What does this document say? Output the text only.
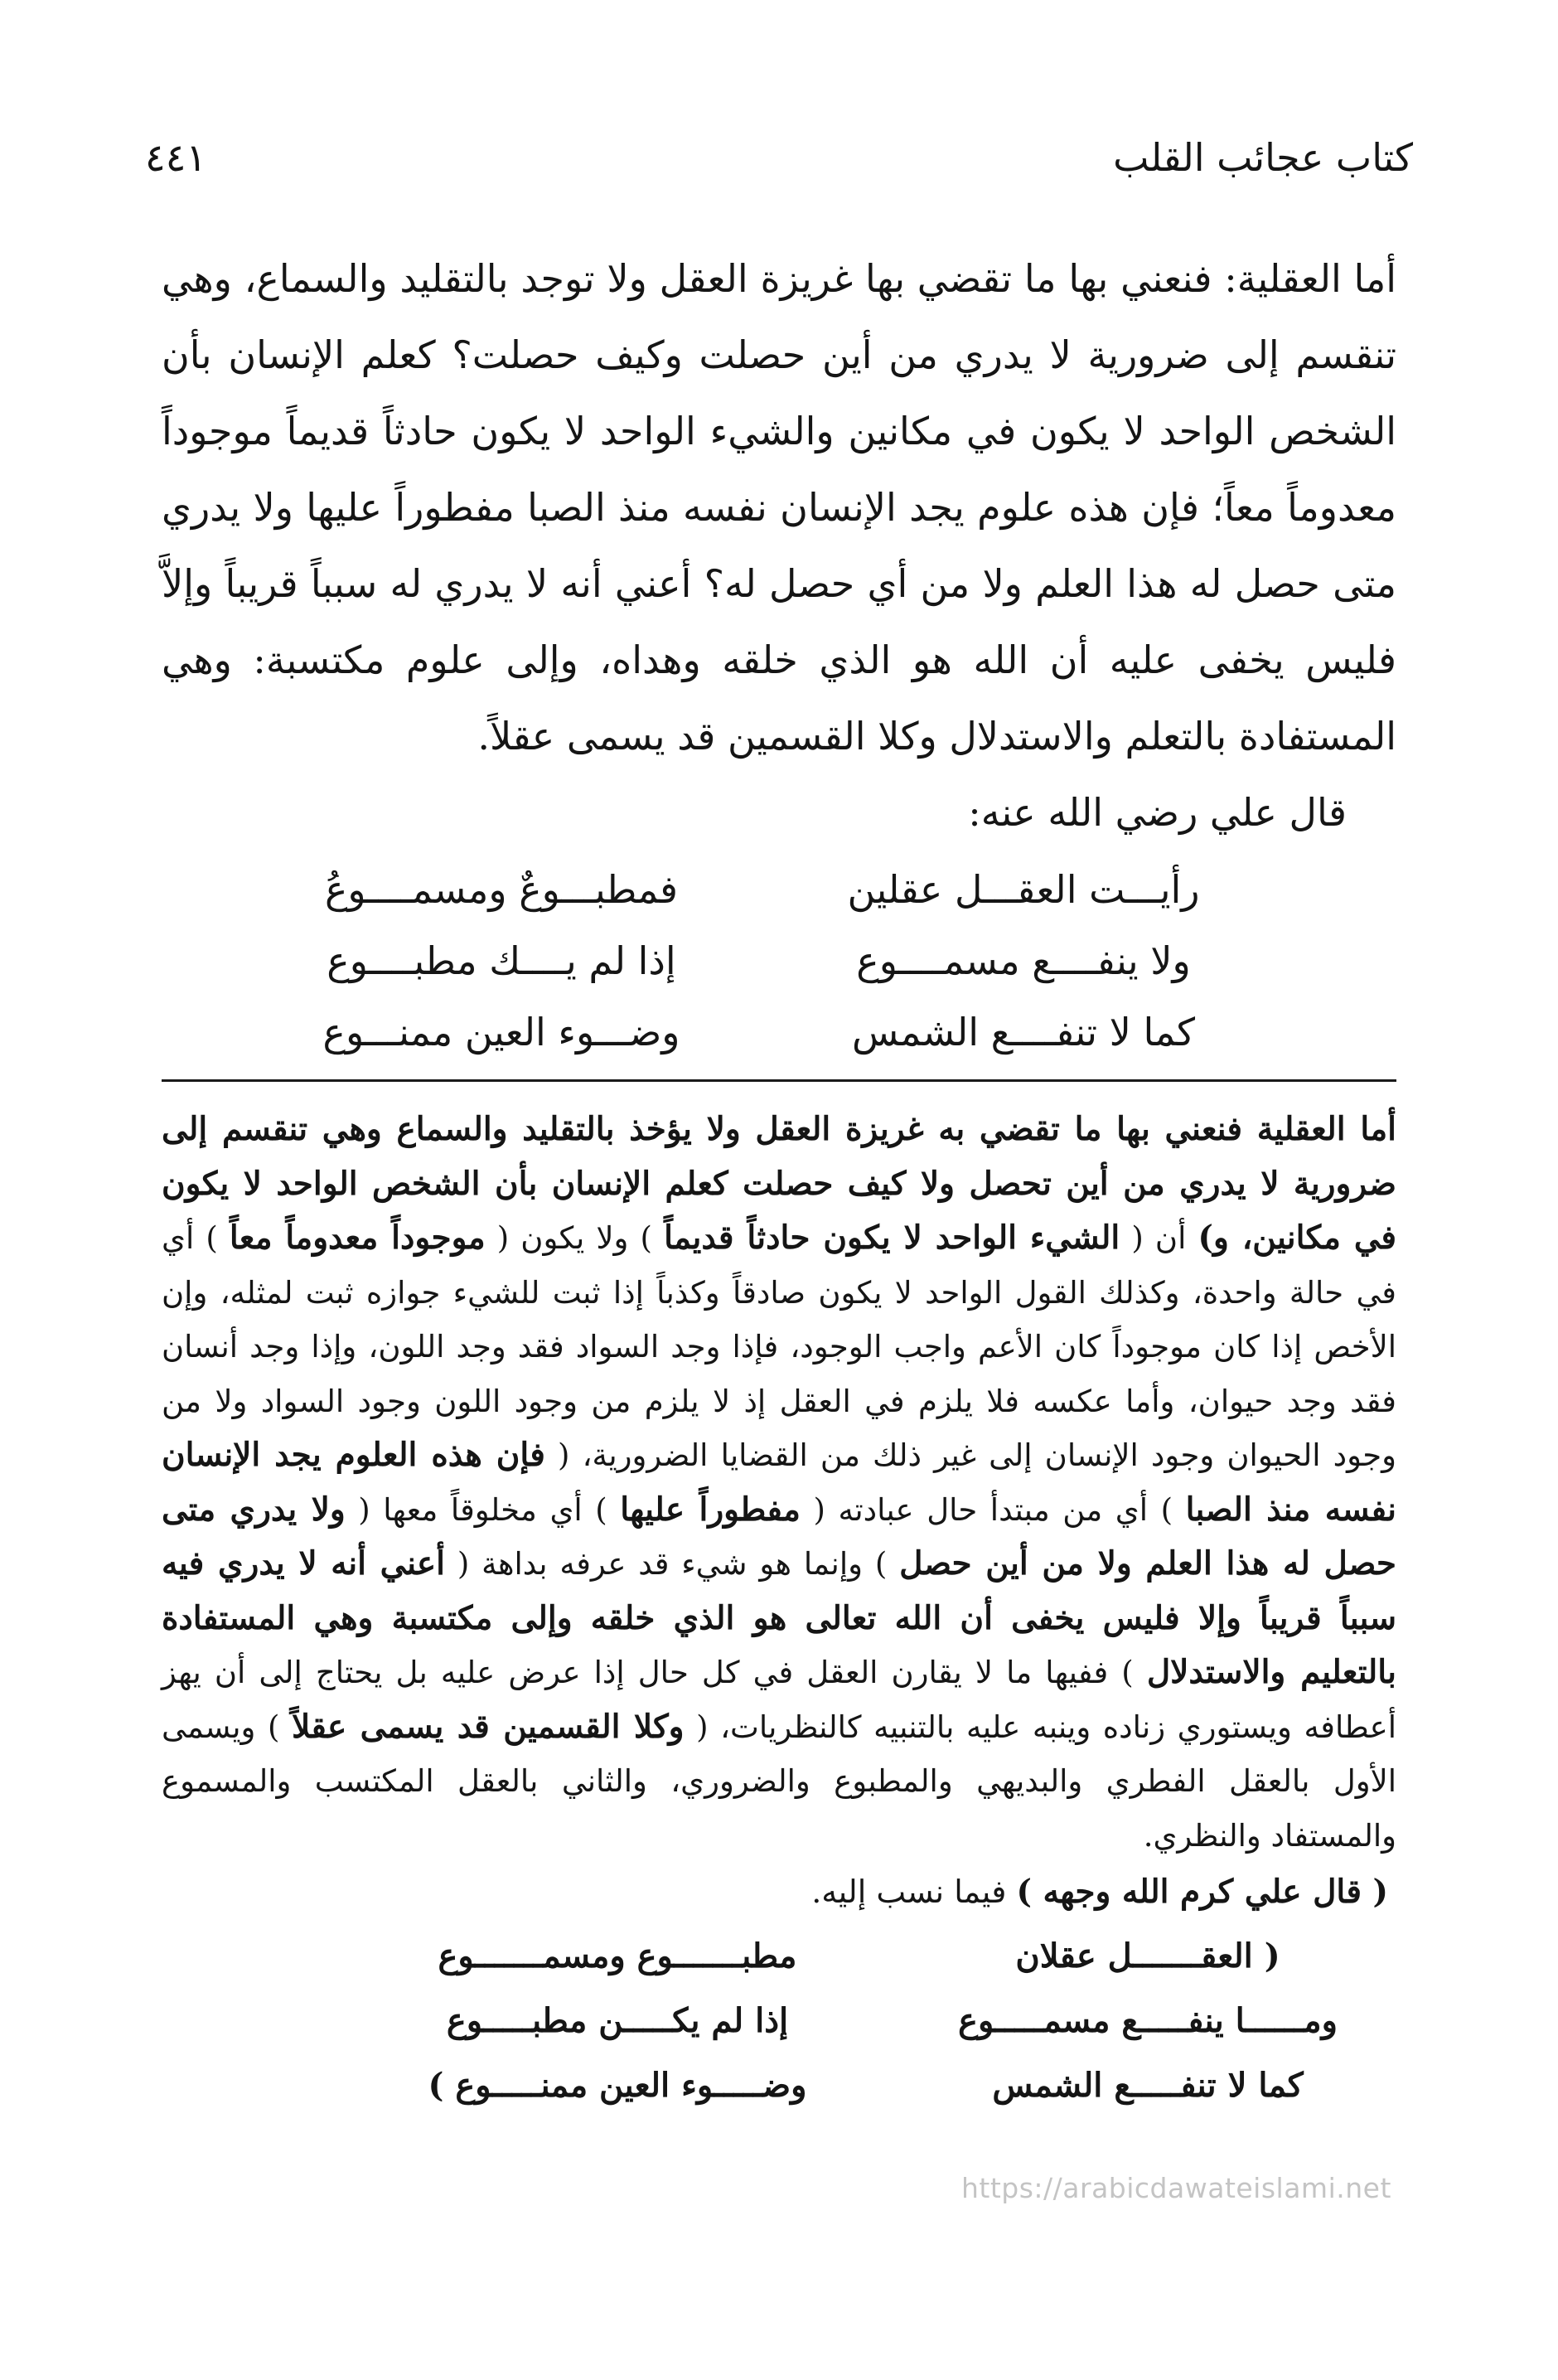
كتاب عجائب القلب
٤٤١

أما العقلية: فنعني بها ما تقضي بها غريزة العقل ولا توجد بالتقليد والسماع، وهي تنقسم إلى ضرورية لا يدري من أين حصلت وكيف حصلت؟ كعلم الإنسان بأن الشخص الواحد لا يكون في مكانين والشيء الواحد لا يكون حادثاً قديماً موجوداً معدوماً معاً؛ فإن هذه علوم يجد الإنسان نفسه منذ الصبا مفطوراً عليها ولا يدري متى حصل له هذا العلم ولا من أي حصل له؟ أعني أنه لا يدري له سبباً قريباً وإلاَّ فليس يخفى عليه أن الله هو الذي خلقه وهداه، وإلى علوم مكتسبة: وهي المستفادة بالتعلم والاستدلال وكلا القسمين قد يسمى عقلاً.

قال علي رضي الله عنه:

رأيـــت العقـــل عقلين
فمطبـــوعٌ ومسمــــوعُ
ولا ينفــــع مسمــــوع
إذا لم يــــك مطبــــوع
كما لا تنفــــع الشمس
وضـــوء العين ممنـــوع

أما العقلية فنعني بها ما تقضي به غريزة العقل ولا يؤخذ بالتقليد والسماع وهي تنقسم إلى ضرورية لا يدري من أين تحصل ولا كيف حصلت كعلم الإنسان بأن الشخص الواحد لا يكون في مكانين، و) أن ( الشيء الواحد لا يكون حادثاً قديماً ) ولا يكون ( موجوداً معدوماً معاً ) أي في حالة واحدة، وكذلك القول الواحد لا يكون صادقاً وكذباً إذا ثبت للشيء جوازه ثبت لمثله، وإن الأخص إذا كان موجوداً كان الأعم واجب الوجود، فإذا وجد السواد فقد وجد اللون، وإذا وجد أنسان فقد وجد حيوان، وأما عكسه فلا يلزم في العقل إذ لا يلزم من وجود اللون وجود السواد ولا من وجود الحيوان وجود الإنسان إلى غير ذلك من القضايا الضرورية، ( فإن هذه العلوم يجد الإنسان نفسه منذ الصبا ) أي من مبتدأ حال عبادته ( مفطوراً عليها ) أي مخلوقاً معها ( ولا يدري متى حصل له هذا العلم ولا من أين حصل ) وإنما هو شيء قد عرفه بداهة ( أعني أنه لا يدري فيه سبباً قريباً وإلا فليس يخفى أن الله تعالى هو الذي خلقه وإلى مكتسبة وهي المستفادة بالتعليم والاستدلال ) ففيها ما لا يقارن العقل في كل حال إذا عرض عليه بل يحتاج إلى أن يهز أعطافه ويستوري زناده وينبه عليه بالتنبيه كالنظريات، ( وكلا القسمين قد يسمى عقلاً ) ويسمى الأول بالعقل الفطري والبديهي والمطبوع والضروري، والثاني بالعقل المكتسب والمسموع والمستفاد والنظري.

( قال علي كرم الله وجهه ) فيما نسب إليه.

( العقـــــــل عقلان
مطبـــــــوع ومسمـــــــوع
ومــــــا ينفـــــع مسمـــــوع
إذا لم يكـــــن مطبـــــوع
كما لا تنفـــــع الشمس
وضـــــوء العين ممنـــــوع )
https://arabicdawateislami.net
